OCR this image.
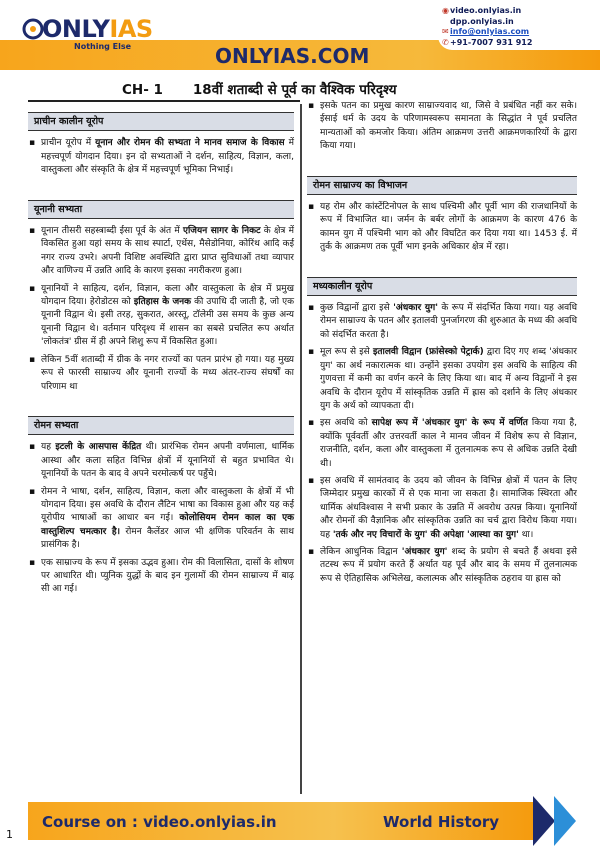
ONLYIAS
Nothing Else	ONLYIAS.COM
◉video.onlyias.in
dpp.onlyias.in
✉info@onlyias.com
✆+91-7007 931 912
CH- 1 18वीं शताब्दी से पूर्व का वैश्विक परिदृश्य
प्राचीन कालीन यूरोप
▪ प्राचीन यूरोप में यूनान और रोमन की सभ्यता ने मानव समाज के विकास में महत्त्वपूर्ण योगदान दिया। इन दो सभ्यताओं ने दर्शन, साहित्य, विज्ञान, कला, वास्तुकला और संस्कृति के क्षेत्र में महत्त्वपूर्ण भूमिका निभाई।
यूनानी सभ्यता
▪ यूनान तीसरी सहस्त्राब्दी ईसा पूर्व के अंत में एजियन सागर के निकट के क्षेत्र में विकसित हुआ यहां समय के साथ स्पार्टा, एथेंस, मैसेडोनिया, कोरिंथ आदि कई नगर राज्य उभरे। अपनी विशिष्ट अवस्थिति द्वारा प्राप्त सुविधाओं तथा व्यापार और वाणिज्य में उन्नति आदि के कारण इसका नगरीकरण हुआ।
▪ यूनानियों ने साहित्य, दर्शन, विज्ञान, कला और वास्तुकला के क्षेत्र में प्रमुख योगदान दिया। हेरोडोटस को इतिहास के जनक की उपाधि दी जाती है, जो एक यूनानी विद्वान थे। इसी तरह, सुकरात, अरस्तू, टॉलेमी उस समय के कुछ अन्य यूनानी विद्वान थे। वर्तमान परिदृश्य में शासन का सबसे प्रचलित रूप अर्थात 'लोकतंत्र' ग्रीस में ही अपने शिशु रूप में विकसित हुआ।
▪ लेकिन 5वीं शताब्दी में ग्रीक के नगर राज्यों का पतन प्रारंभ हो गया। यह मुख्य रूप से फारसी साम्राज्य और यूनानी राज्यों के मध्य अंतर-राज्य संघर्षों का परिणाम था
रोमन सभ्यता
▪ यह इटली के आसपास केंद्रित थी। प्रारंभिक रोमन अपनी वर्णमाला, धार्मिक आस्था और कला सहित विभिन्न क्षेत्रों में यूनानियों से बहुत प्रभावित थे। यूनानियों के पतन के बाद वे अपने चरमोत्कर्ष पर पहुँचे।
▪ रोमन ने भाषा, दर्शन, साहित्य, विज्ञान, कला और वास्तुकला के क्षेत्रों में भी योगदान दिया। इस अवधि के दौरान लैटिन भाषा का विकास हुआ और यह कई यूरोपीय भाषाओं का आधार बन गई। कोलोसियम रोमन काल का एक वास्तुशिल्प चमत्कार है। रोमन कैलेंडर आज भी क्षणिक परिवर्तन के साथ प्रासंगिक है।
▪ एक साम्राज्य के रूप में इसका उद्भव हुआ। रोम की विलासिता, दासों के शोषण पर आधारित थी। प्युनिक युद्धों के बाद इन गुलामों की रोमन साम्राज्य में बाढ़ सी आ गई।
▪ इसके पतन का प्रमुख कारण साम्राज्यवाद था, जिसे वे प्रबंधित नहीं कर सके। ईसाई धर्म के उदय के परिणामस्वरूप समानता के सिद्धांत ने पूर्व प्रचलित मान्यताओं को कमजोर किया। अंतिम आक्रमण उत्तरी आक्रमणकारियों के द्वारा किया गया।
रोमन साम्राज्य का विभाजन
▪ यह रोम और कांस्टेंटिनोपल के साथ पश्चिमी और पूर्वी भाग की राजधानियों के रूप में विभाजित था। जर्मन के बर्बर लोगों के आक्रमण के कारण 476 के कामन युग में पश्चिमी भाग को और विघटित कर दिया गया था। 1453 ई. में तुर्क के आक्रमण तक पूर्वी भाग इनके अधिकार क्षेत्र में रहा।
मध्यकालीन यूरोप
▪ कुछ विद्वानों द्वारा इसे 'अंधकार युग' के रूप में संदर्भित किया गया। यह अवधि रोमन साम्राज्य के पतन और इतालवी पुनर्जागरण की शुरुआत के मध्य की अवधि को संदर्भित करता है।
▪ मूल रूप से इसे इतालवी विद्वान (फ्रांसेस्को पेट्रार्क) द्वारा दिए गए शब्द 'अंधकार युग' का अर्थ नकारात्मक था। उन्होंने इसका उपयोग इस अवधि के साहित्य की गुणवत्ता में कमी का वर्णन करने के लिए किया था। बाद में अन्य विद्वानों ने इस अवधि के दौरान यूरोप में सांस्कृतिक उन्नति में ह्रास को दर्शाने के लिए अंधकार युग के अर्थ को व्यापकता दी।
▪ इस अवधि को सापेक्ष रूप में 'अंधकार युग' के रूप में वर्णित किया गया है, क्योंकि पूर्ववर्ती और उत्तरवर्ती काल ने मानव जीवन में विशेष रूप से विज्ञान, राजनीति, दर्शन, कला और वास्तुकला में तुलनात्मक रूप से अधिक उन्नति देखी थी।
▪ इस अवधि में सामंतवाद के उदय को जीवन के विभिन्न क्षेत्रों में पतन के लिए जिम्मेदार प्रमुख कारकों में से एक माना जा सकता है। सामाजिक स्थिरता और धार्मिक अंधविश्वास ने सभी प्रकार के उन्नति में अवरोध उत्पन्न किया। यूनानियों और रोमनों की वैज्ञानिक और सांस्कृतिक उन्नति का चर्च द्वारा विरोध किया गया। यह 'तर्क और नए विचारों के युग' की अपेक्षा 'आस्था का युग' था।
▪ लेकिन आधुनिक विद्वान 'अंधकार युग' शब्द के प्रयोग से बचते हैं अथवा इसे तटस्थ रूप में प्रयोग करते हैं अर्थात यह पूर्व और बाद के समय में तुलनात्मक रूप से ऐतिहासिक अभिलेख, कलात्मक और सांस्कृतिक ठहराव या ह्रास को
Course on : video.onlyias.in	World History
1
